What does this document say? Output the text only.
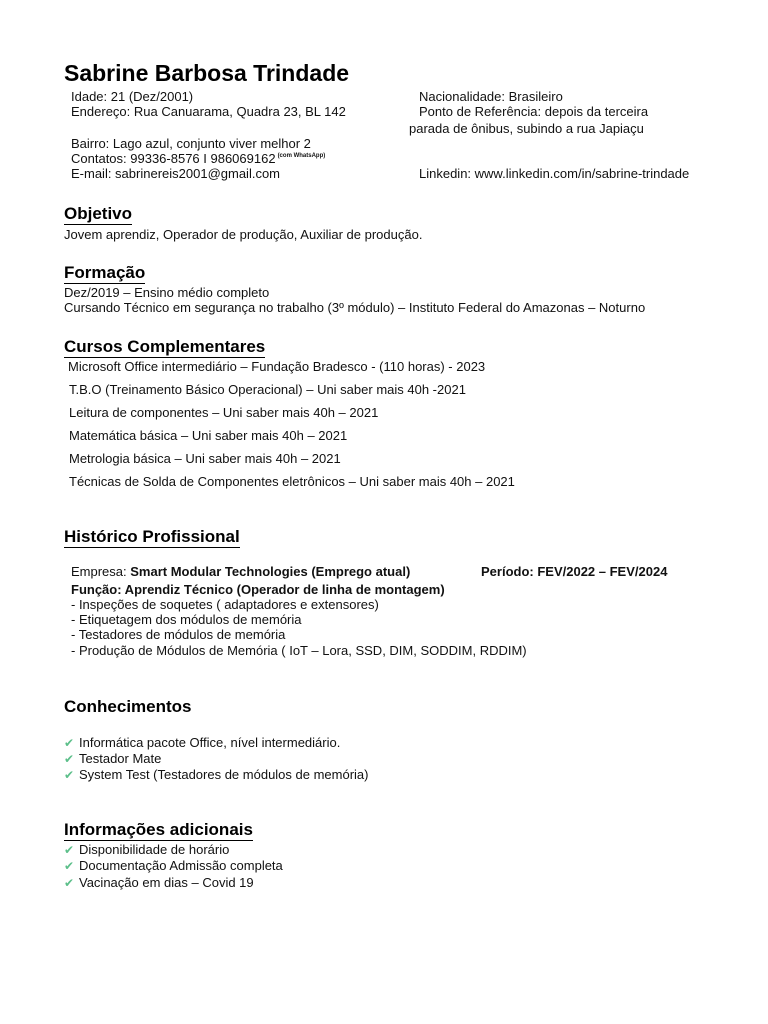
Sabrine Barbosa Trindade
Idade: 21 (Dez/2001)
Endereço: Rua Canuarama, Quadra 23, BL 142
Bairro: Lago azul, conjunto viver melhor 2
Contatos: 99336-8576 I 986069162 $^{(com WhatsApp)}$
E-mail: sabrinereis2001@gmail.com
Nacionalidade: Brasileiro
Ponto de Referência: depois da terceira
parada de ônibus, subindo a rua Japiaçu
Linkedin: www.linkedin.com/in/sabrine-trindade
Objetivo
Jovem aprendiz, Operador de produção, Auxiliar de produção.
Formação
Dez/2019 – Ensino médio completo
Cursando Técnico em segurança no trabalho (3º módulo) – Instituto Federal do Amazonas – Noturno
Cursos Complementares
Microsoft Office intermediário – Fundação Bradesco - (110 horas) - 2023
T.B.O (Treinamento Básico Operacional) – Uni saber mais 40h -2021
Leitura de componentes – Uni saber mais 40h – 2021
Matemática básica – Uni saber mais 40h – 2021
Metrologia básica – Uni saber mais 40h – 2021
Técnicas de Solda de Componentes eletrônicos – Uni saber mais 40h – 2021
Histórico Profissional
Empresa: Smart Modular Technologies (Emprego atual)	Período: FEV/2022 – FEV/2024
Função: Aprendiz Técnico (Operador de linha de montagem)
- Inspeções de soquetes ( adaptadores e extensores)
- Etiquetagem dos módulos de memória
- Testadores de módulos de memória
- Produção de Módulos de Memória ( IoT – Lora, SSD, DIM, SODDIM, RDDIM)
Conhecimentos
✔ Informática pacote Office, nível intermediário.
✔ Testador Mate
✔ System Test (Testadores de módulos de memória)
Informações adicionais
✔ Disponibilidade de horário
✔ Documentação Admissão completa
✔ Vacinação em dias – Covid 19
